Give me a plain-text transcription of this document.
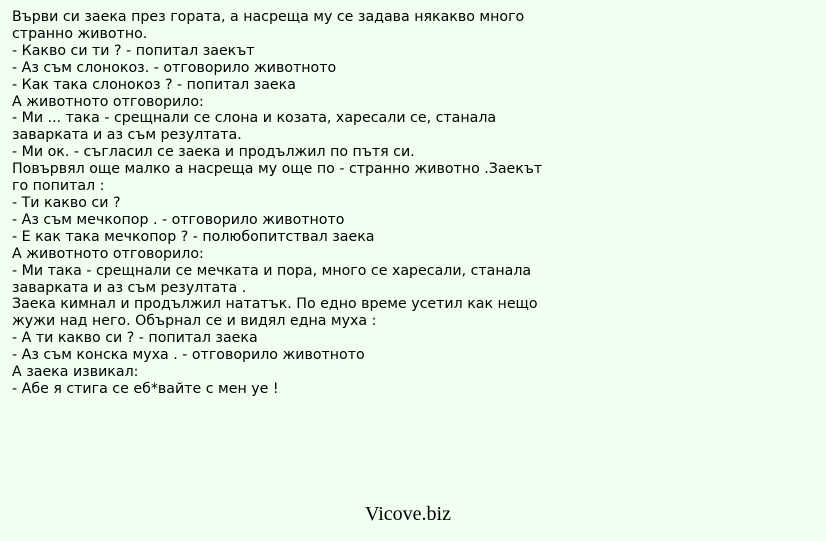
Върви си заека през гората, а насреща му се задава някакво много
странно животно.
- Какво си ти ? - попитал заекът
- Аз съм слонокоз. - отговорило животното
- Как така слонокоз ? - попитал заека
А животното отговорило:
- Ми ... така - срещнали се слона и козата, харесали се, станала
заварката и аз съм резултата.
- Ми ок. - съгласил се заека и продължил по пътя си.
Повървял още малко а насреща му още по - странно животно .Заекът
го попитал :
- Ти какво си ?
- Аз съм мечкопор . - отговорило животното
- Е как така мечкопор ? - полюбопитствал заека
А животното отговорило:
- Ми така - срещнали се мечката и пора, много се харесали, станала
заварката и аз съм резултата .
Заека кимнал и продължил нататък. По едно време усетил как нещо
жужи над него. Обърнал се и видял една муха :
- А ти какво си ? - попитал заека
- Аз съм конска муха . - отговорило животното
А заека извикал:
- Абе я стига се еб*вайте с мен уе !
Vicove.biz
